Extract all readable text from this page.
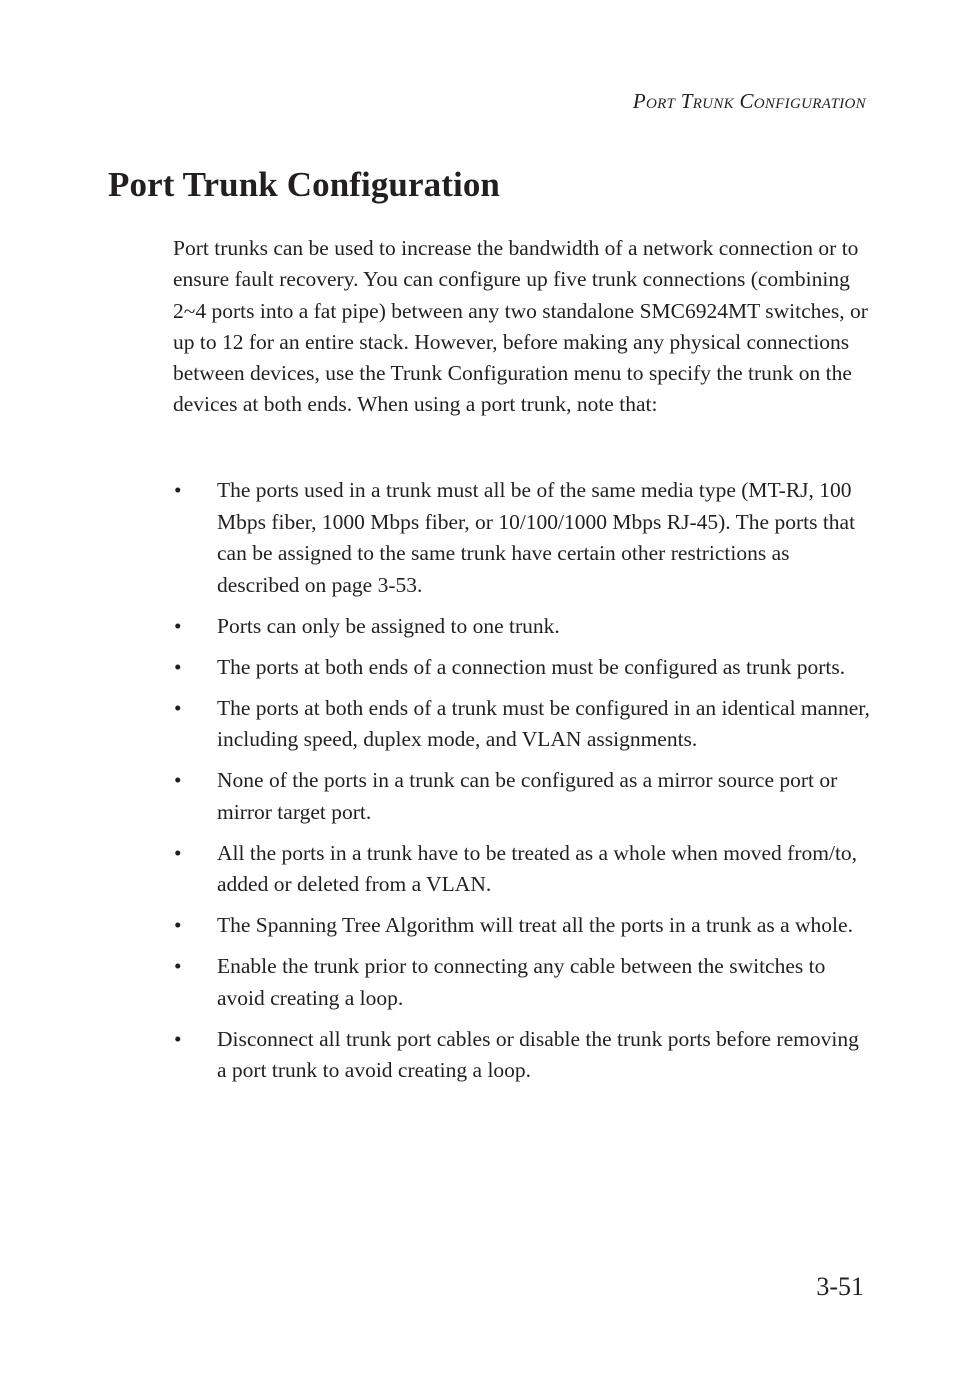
Port Trunk Configuration
Port Trunk Configuration

Port trunks can be used to increase the bandwidth of a network connection or to ensure fault recovery. You can configure up five trunk connections (combining 2~4 ports into a fat pipe) between any two standalone SMC6924MT switches, or up to 12 for an entire stack. However, before making any physical connections between devices, use the Trunk Configuration menu to specify the trunk on the devices at both ends. When using a port trunk, note that:

• The ports used in a trunk must all be of the same media type (MT-RJ, 100 Mbps fiber, 1000 Mbps fiber, or 10/100/1000 Mbps RJ-45). The ports that can be assigned to the same trunk have certain other restrictions as described on page 3-53.
• Ports can only be assigned to one trunk.
• The ports at both ends of a connection must be configured as trunk ports.
• The ports at both ends of a trunk must be configured in an identical manner, including speed, duplex mode, and VLAN assignments.
• None of the ports in a trunk can be configured as a mirror source port or mirror target port.
• All the ports in a trunk have to be treated as a whole when moved from/to, added or deleted from a VLAN.
• The Spanning Tree Algorithm will treat all the ports in a trunk as a whole.
• Enable the trunk prior to connecting any cable between the switches to avoid creating a loop.
• Disconnect all trunk port cables or disable the trunk ports before removing a port trunk to avoid creating a loop.
3-51
